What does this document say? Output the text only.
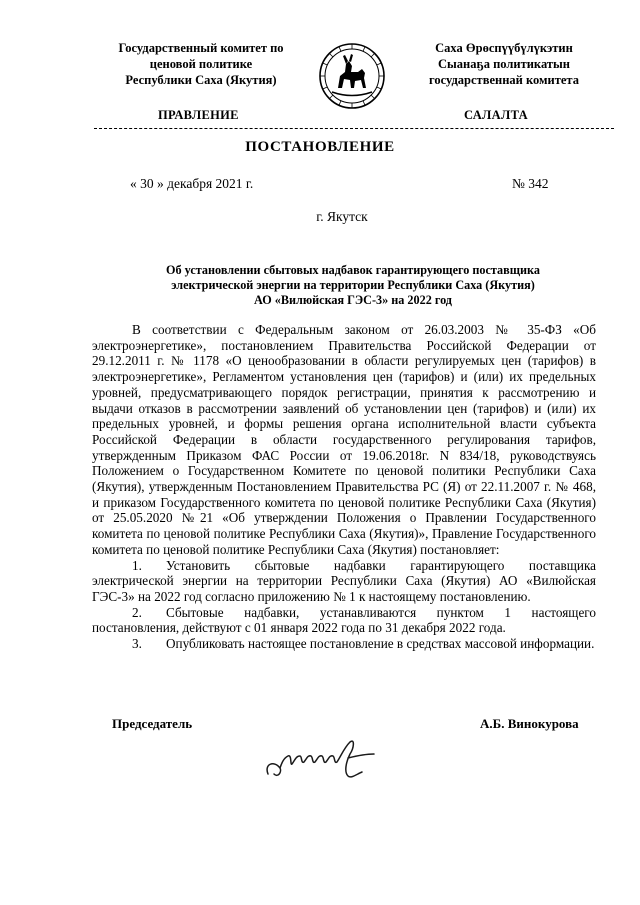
Государственный комитет по
ценовой политике
Республики Саха (Якутия)
Саха Өрөспүүбүлүкэтин
Сыанаҕа политикатын
государственнай комитета
ПРАВЛЕНИЕ	САЛАЛТА
ПОСТАНОВЛЕНИЕ
« 30 » декабря 2021 г.	№ 342
г. Якутск
Об установлении сбытовых надбавок гарантирующего поставщика
электрической энергии на территории Республики Саха (Якутия)
АО «Вилюйская ГЭС-3» на 2022 год

В соответствии с Федеральным законом от 26.03.2003 № 35-ФЗ «Об электроэнергетике», постановлением Правительства Российской Федерации от 29.12.2011 г. № 1178 «О ценообразовании в области регулируемых цен (тарифов) в электроэнергетике», Регламентом установления цен (тарифов) и (или) их предельных уровней, предусматривающего порядок регистрации, принятия к рассмотрению и выдачи отказов в рассмотрении заявлений об установлении цен (тарифов) и (или) их предельных уровней, и формы решения органа исполнительной власти субъекта Российской Федерации в области государственного регулирования тарифов, утвержденным Приказом ФАС России от 19.06.2018г. N 834/18, руководствуясь Положением о Государственном Комитете по ценовой политики Республики Саха (Якутия), утвержденным Постановлением Правительства РС (Я) от 22.11.2007 г. № 468, и приказом Государственного комитета по ценовой политике Республики Саха (Якутия) от 25.05.2020 №21 «Об утверждении Положения о Правлении Государственного комитета по ценовой политике Республики Саха (Якутия)», Правление Государственного комитета по ценовой политике Республики Саха (Якутия) постановляет:

1. Установить сбытовые надбавки гарантирующего поставщика электрической энергии на территории Республики Саха (Якутия) АО «Вилюйская ГЭС-3» на 2022 год согласно приложению № 1 к настоящему постановлению.

2. Сбытовые надбавки, устанавливаются пунктом 1 настоящего постановления, действуют с 01 января 2022 года по 31 декабря 2022 года.

3. Опубликовать настоящее постановление в средствах массовой информации.

Председатель	А.Б. Винокурова
